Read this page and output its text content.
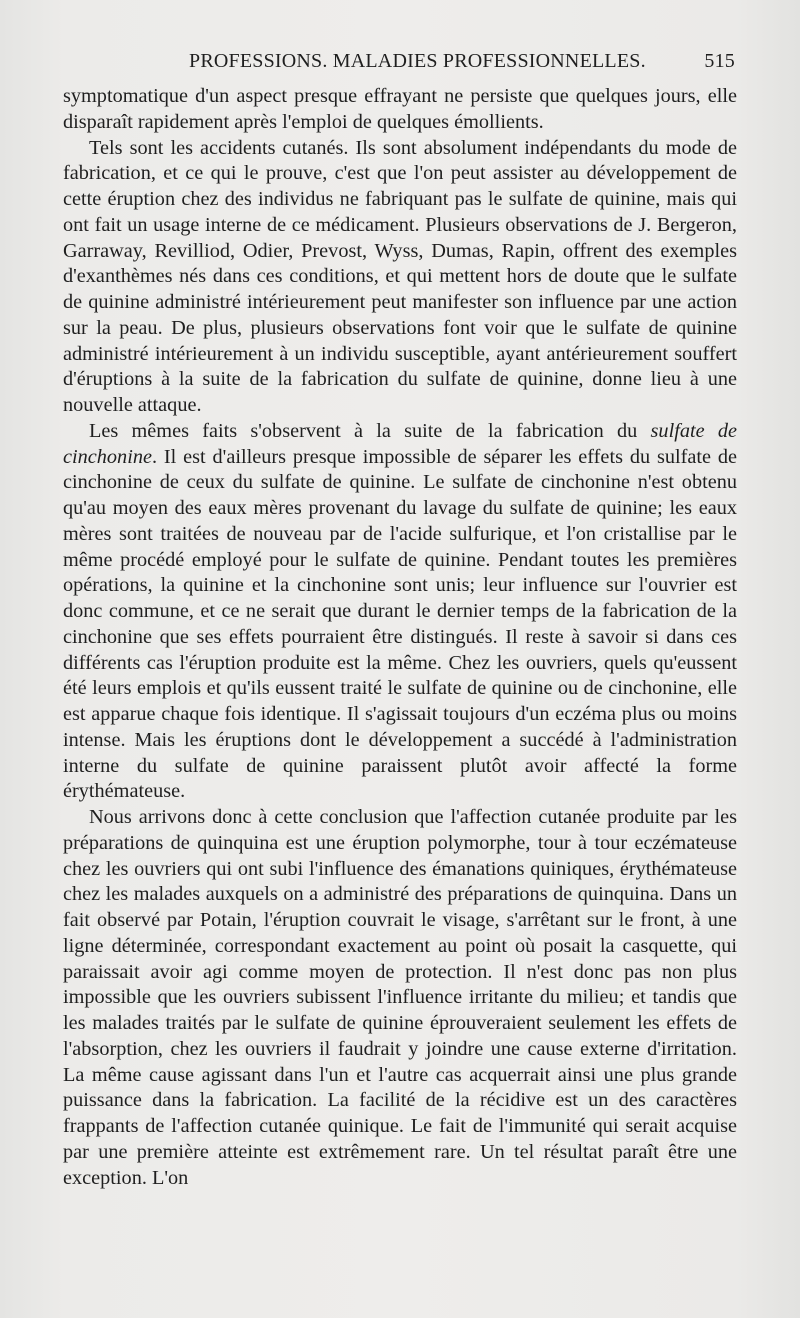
PROFESSIONS. MALADIES PROFESSIONNELLES.	515

symptomatique d'un aspect presque effrayant ne persiste que quelques jours, elle disparaît rapidement après l'emploi de quelques émollients.

Tels sont les accidents cutanés. Ils sont absolument indépendants du mode de fabrication, et ce qui le prouve, c'est que l'on peut assister au développement de cette éruption chez des individus ne fabriquant pas le sulfate de quinine, mais qui ont fait un usage interne de ce médicament. Plusieurs observations de J. Bergeron, Garraway, Revilliod, Odier, Prevost, Wyss, Dumas, Rapin, offrent des exemples d'exanthèmes nés dans ces conditions, et qui mettent hors de doute que le sulfate de quinine administré intérieurement peut manifester son influence par une action sur la peau. De plus, plusieurs observations font voir que le sulfate de quinine administré intérieurement à un individu susceptible, ayant antérieurement souffert d'éruptions à la suite de la fabrication du sulfate de quinine, donne lieu à une nouvelle attaque.

Les mêmes faits s'observent à la suite de la fabrication du sulfate de cinchonine. Il est d'ailleurs presque impossible de séparer les effets du sulfate de cinchonine de ceux du sulfate de quinine. Le sulfate de cinchonine n'est obtenu qu'au moyen des eaux mères provenant du lavage du sulfate de quinine; les eaux mères sont traitées de nouveau par de l'acide sulfurique, et l'on cristallise par le même procédé employé pour le sulfate de quinine. Pendant toutes les premières opérations, la quinine et la cinchonine sont unis; leur influence sur l'ouvrier est donc commune, et ce ne serait que durant le dernier temps de la fabrication de la cinchonine que ses effets pourraient être distingués. Il reste à savoir si dans ces différents cas l'éruption produite est la même. Chez les ouvriers, quels qu'eussent été leurs emplois et qu'ils eussent traité le sulfate de quinine ou de cinchonine, elle est apparue chaque fois identique. Il s'agissait toujours d'un eczéma plus ou moins intense. Mais les éruptions dont le développement a succédé à l'administration interne du sulfate de quinine paraissent plutôt avoir affecté la forme érythémateuse.

Nous arrivons donc à cette conclusion que l'affection cutanée produite par les préparations de quinquina est une éruption polymorphe, tour à tour eczémateuse chez les ouvriers qui ont subi l'influence des émanations quiniques, érythémateuse chez les malades auxquels on a administré des préparations de quinquina. Dans un fait observé par Potain, l'éruption couvrait le visage, s'arrêtant sur le front, à une ligne déterminée, correspondant exactement au point où posait la casquette, qui paraissait avoir agi comme moyen de protection. Il n'est donc pas non plus impossible que les ouvriers subissent l'influence irritante du milieu; et tandis que les malades traités par le sulfate de quinine éprouveraient seulement les effets de l'absorption, chez les ouvriers il faudrait y joindre une cause externe d'irritation. La même cause agissant dans l'un et l'autre cas acquerrait ainsi une plus grande puissance dans la fabrication. La facilité de la récidive est un des caractères frappants de l'affection cutanée quinique. Le fait de l'immunité qui serait acquise par une première atteinte est extrêmement rare. Un tel résultat paraît être une exception. L'on
